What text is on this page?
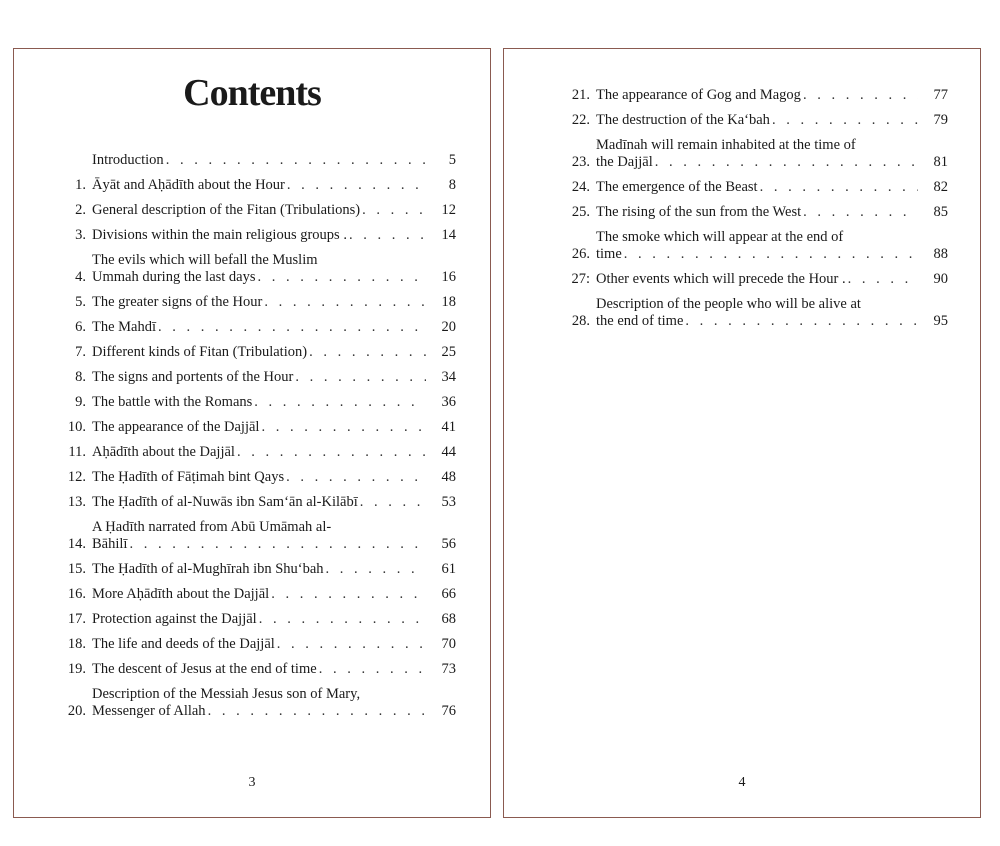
Contents
Introduction . . .	5
1. Āyāt and Aḥādīth about the Hour . . .	8
2. General description of the Fitan (Tribulations) . . .	12
3. Divisions within the main religious groups . . . .	14
4.
The evils which will befall the Muslim
Ummah during the last days . . .	16
5. The greater signs of the Hour . . .	18
6. The Mahdī . . .	20
7. Different kinds of Fitan (Tribulation) . . .	25
8. The signs and portents of the Hour . . .	34
9. The battle with the Romans . . .	36
10. The appearance of the Dajjāl . . .	41
11. Aḥādīth about the Dajjāl . . .	44
12. The Ḥadīth of Fāṭimah bint Qays . . .	48
13. The Ḥadīth of al-Nuwās ibn Sam‘ān al-Kilābī . . .	53
14.
A Ḥadīth narrated from Abū Umāmah al-
Bāhilī . . .	56
15. The Ḥadīth of al-Mughīrah ibn Shu‘bah . . .	61
16. More Aḥādīth about the Dajjāl . . .	66
17. Protection against the Dajjāl . . .	68
18. The life and deeds of the Dajjāl . . .	70
19. The descent of Jesus at the end of time . . .	73
20.
Description of the Messiah Jesus son of Mary,
Messenger of Allah . . .	76
3
21. The appearance of Gog and Magog . . .	77
22. The destruction of the Ka‘bah . . .	79
23.
Madīnah will remain inhabited at the time of
the Dajjāl . . .	81
24. The emergence of the Beast . . .	82
25. The rising of the sun from the West . . .	85
26.
The smoke which will appear at the end of
time . . .	88
27: Other events which will precede the Hour . . . .	90
28.
Description of the people who will be alive at
the end of time . . .	95
4
